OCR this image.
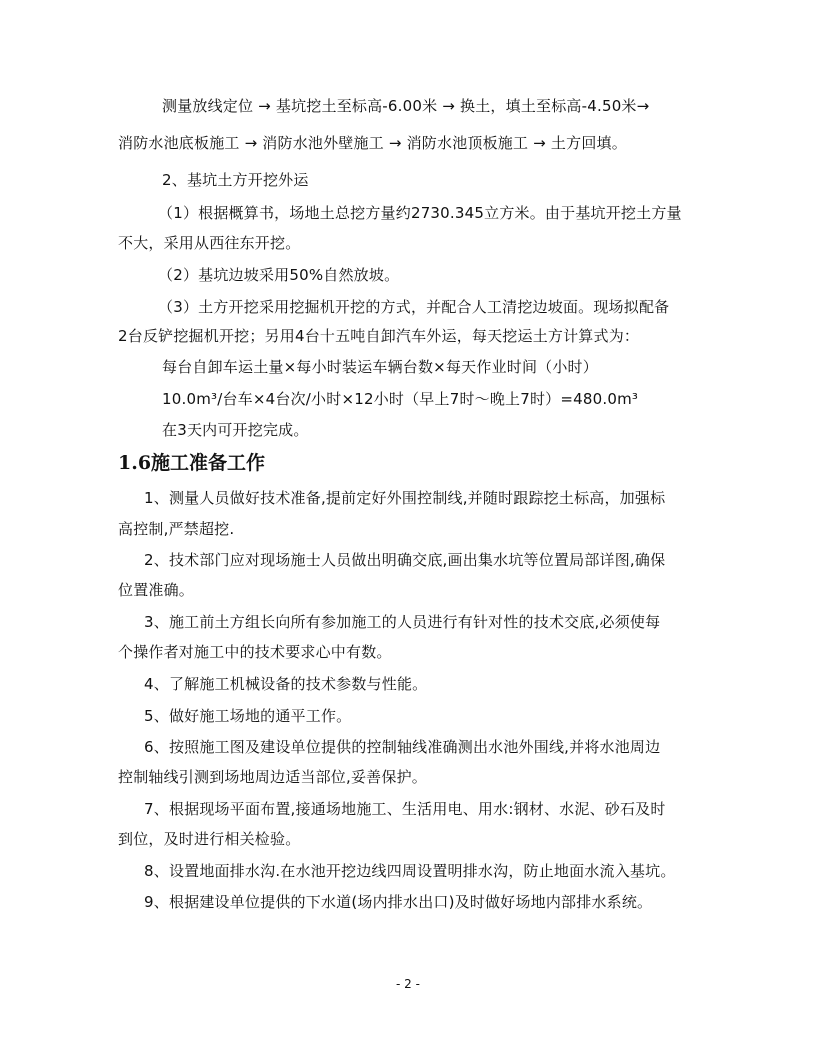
测量放线定位 → 基坑挖土至标高-6.00米 → 换土，填土至标高-4.50米→
消防水池底板施工 → 消防水池外壁施工 → 消防水池顶板施工 → 土方回填。
2、基坑土方开挖外运
（1）根据概算书，场地土总挖方量约2730.345立方米。由于基坑开挖土方量
不大，采用从西往东开挖。
（2）基坑边坡采用50%自然放坡。
（3）土方开挖采用挖掘机开挖的方式，并配合人工清挖边坡面。现场拟配备
2台反铲挖掘机开挖；另用4台十五吨自卸汽车外运，每天挖运土方计算式为：
每台自卸车运土量×每小时装运车辆台数×每天作业时间（小时）
10.0m³/台车×4台次/小时×12小时（早上7时～晚上7时）=480.0m³
在3天内可开挖完成。
1.6施工准备工作
1、测量人员做好技术准备,提前定好外围控制线,并随时跟踪挖土标高，加强标
高控制,严禁超挖.
2、技术部门应对现场施士人员做出明确交底,画出集水坑等位置局部详图,确保
位置准确。
3、施工前土方组长向所有参加施工的人员进行有针对性的技术交底,必须使每
个操作者对施工中的技术要求心中有数。
4、了解施工机械设备的技术参数与性能。
5、做好施工场地的通平工作。
6、按照施工图及建设单位提供的控制轴线准确测出水池外围线,并将水池周边
控制轴线引测到场地周边适当部位,妥善保护。
7、根据现场平面布置,接通场地施工、生活用电、用水:钢材、水泥、砂石及时
到位，及时进行相关检验。
8、设置地面排水沟.在水池开挖边线四周设置明排水沟，防止地面水流入基坑。
9、根据建设单位提供的下水道(场内排水出口)及时做好场地内部排水系统。
- 2 -
